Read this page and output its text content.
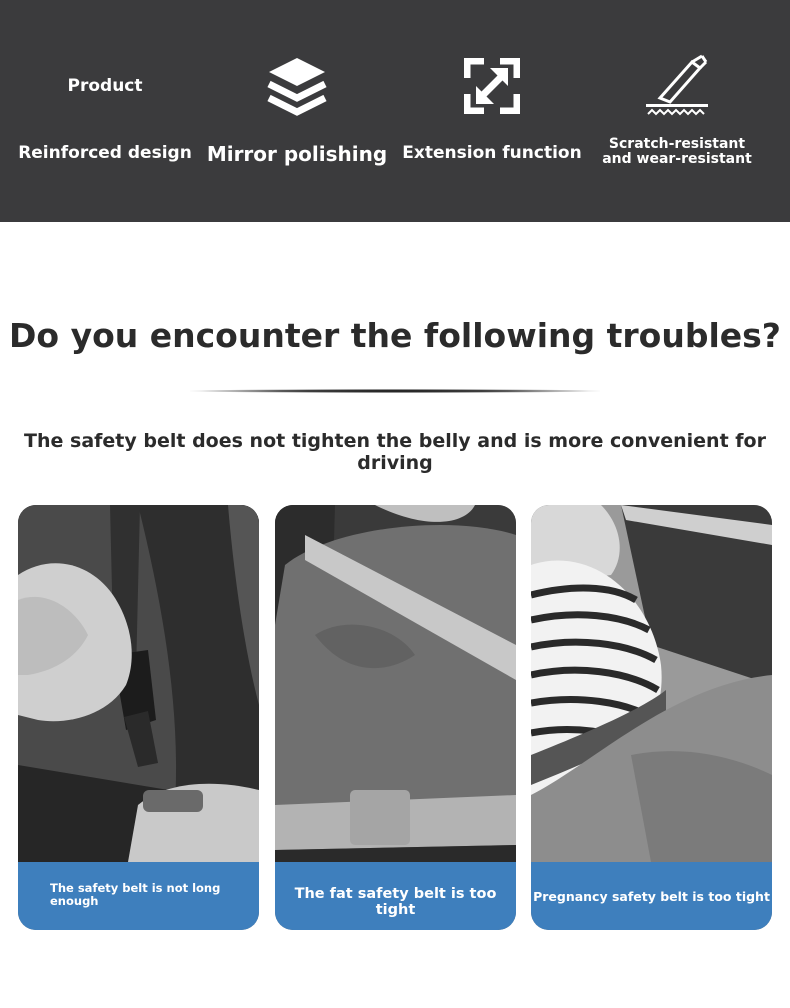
Product
Reinforced design Mirror polishing Extension function	Scratch-resistant
and wear-resistant
Do you encounter the following troubles?
The safety belt does not tighten the belly and is more convenient for driving
The safety belt is not long enough	The fat safety belt is too tight
Pregnancy safety belt is too tight
